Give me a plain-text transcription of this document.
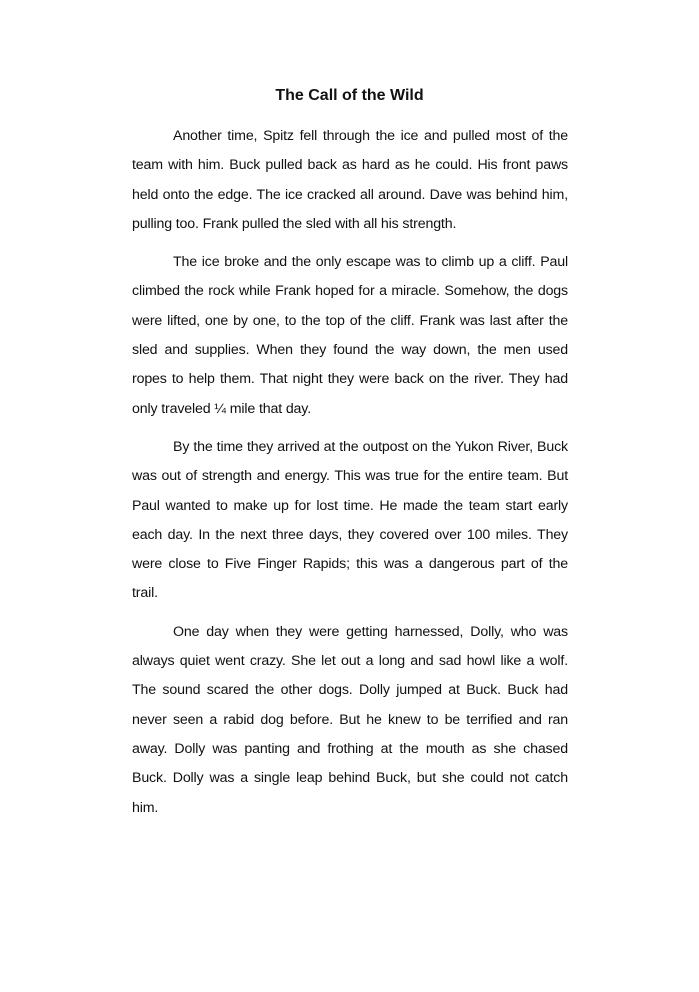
The Call of the Wild

Another time, Spitz fell through the ice and pulled most of the team with him. Buck pulled back as hard as he could. His front paws held onto the edge. The ice cracked all around. Dave was behind him, pulling too. Frank pulled the sled with all his strength.

The ice broke and the only escape was to climb up a cliff. Paul climbed the rock while Frank hoped for a miracle. Somehow, the dogs were lifted, one by one, to the top of the cliff. Frank was last after the sled and supplies. When they found the way down, the men used ropes to help them. That night they were back on the river. They had only traveled ¼ mile that day.

By the time they arrived at the outpost on the Yukon River, Buck was out of strength and energy. This was true for the entire team. But Paul wanted to make up for lost time. He made the team start early each day. In the next three days, they covered over 100 miles. They were close to Five Finger Rapids; this was a dangerous part of the trail.

One day when they were getting harnessed, Dolly, who was always quiet went crazy. She let out a long and sad howl like a wolf. The sound scared the other dogs. Dolly jumped at Buck. Buck had never seen a rabid dog before. But he knew to be terrified and ran away. Dolly was panting and frothing at the mouth as she chased Buck. Dolly was a single leap behind Buck, but she could not catch him.
